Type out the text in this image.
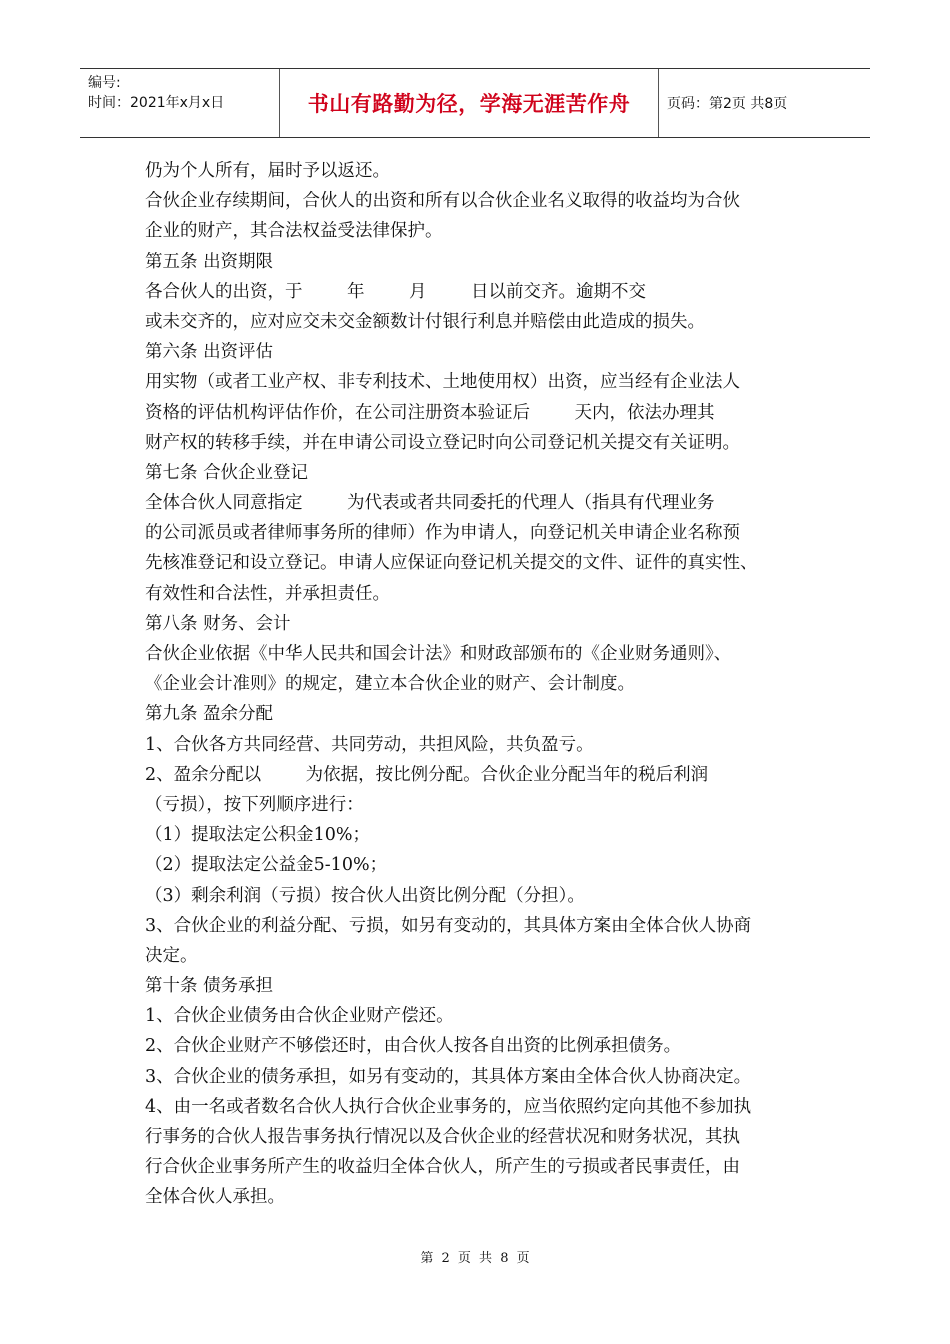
编号:
时间：2021年x月x日	书山有路勤为径，学海无涯苦作舟	页码：第2页 共8页
仍为个人所有，届时予以返还。
合伙企业存续期间，合伙人的出资和所有以合伙企业名义取得的收益均为合伙
企业的财产，其合法权益受法律保护。
第五条 出资期限
各合伙人的出资，于        年        月        日以前交齐。逾期不交
或未交齐的，应对应交未交金额数计付银行利息并赔偿由此造成的损失。
第六条 出资评估
用实物（或者工业产权、非专利技术、土地使用权）出资，应当经有企业法人
资格的评估机构评估作价，在公司注册资本验证后        天内，依法办理其
财产权的转移手续，并在申请公司设立登记时向公司登记机关提交有关证明。
第七条 合伙企业登记
全体合伙人同意指定        为代表或者共同委托的代理人（指具有代理业务
的公司派员或者律师事务所的律师）作为申请人，向登记机关申请企业名称预
先核准登记和设立登记。申请人应保证向登记机关提交的文件、证件的真实性、
有效性和合法性，并承担责任。
第八条 财务、会计
合伙企业依据《中华人民共和国会计法》和财政部颁布的《企业财务通则》、
《企业会计准则》的规定，建立本合伙企业的财产、会计制度。
第九条 盈余分配
1、合伙各方共同经营、共同劳动，共担风险，共负盈亏。
2、盈余分配以        为依据，按比例分配。合伙企业分配当年的税后利润
（亏损），按下列顺序进行：
（1）提取法定公积金10%；
（2）提取法定公益金5-10%；
（3）剩余利润（亏损）按合伙人出资比例分配（分担）。
3、合伙企业的利益分配、亏损，如另有变动的，其具体方案由全体合伙人协商
决定。
第十条 债务承担
1、合伙企业债务由合伙企业财产偿还。
2、合伙企业财产不够偿还时，由合伙人按各自出资的比例承担债务。
3、合伙企业的债务承担，如另有变动的，其具体方案由全体合伙人协商决定。
4、由一名或者数名合伙人执行合伙企业事务的，应当依照约定向其他不参加执
行事务的合伙人报告事务执行情况以及合伙企业的经营状况和财务状况，其执
行合伙企业事务所产生的收益归全体合伙人，所产生的亏损或者民事责任，由
全体合伙人承担。
第 2 页 共 8 页
